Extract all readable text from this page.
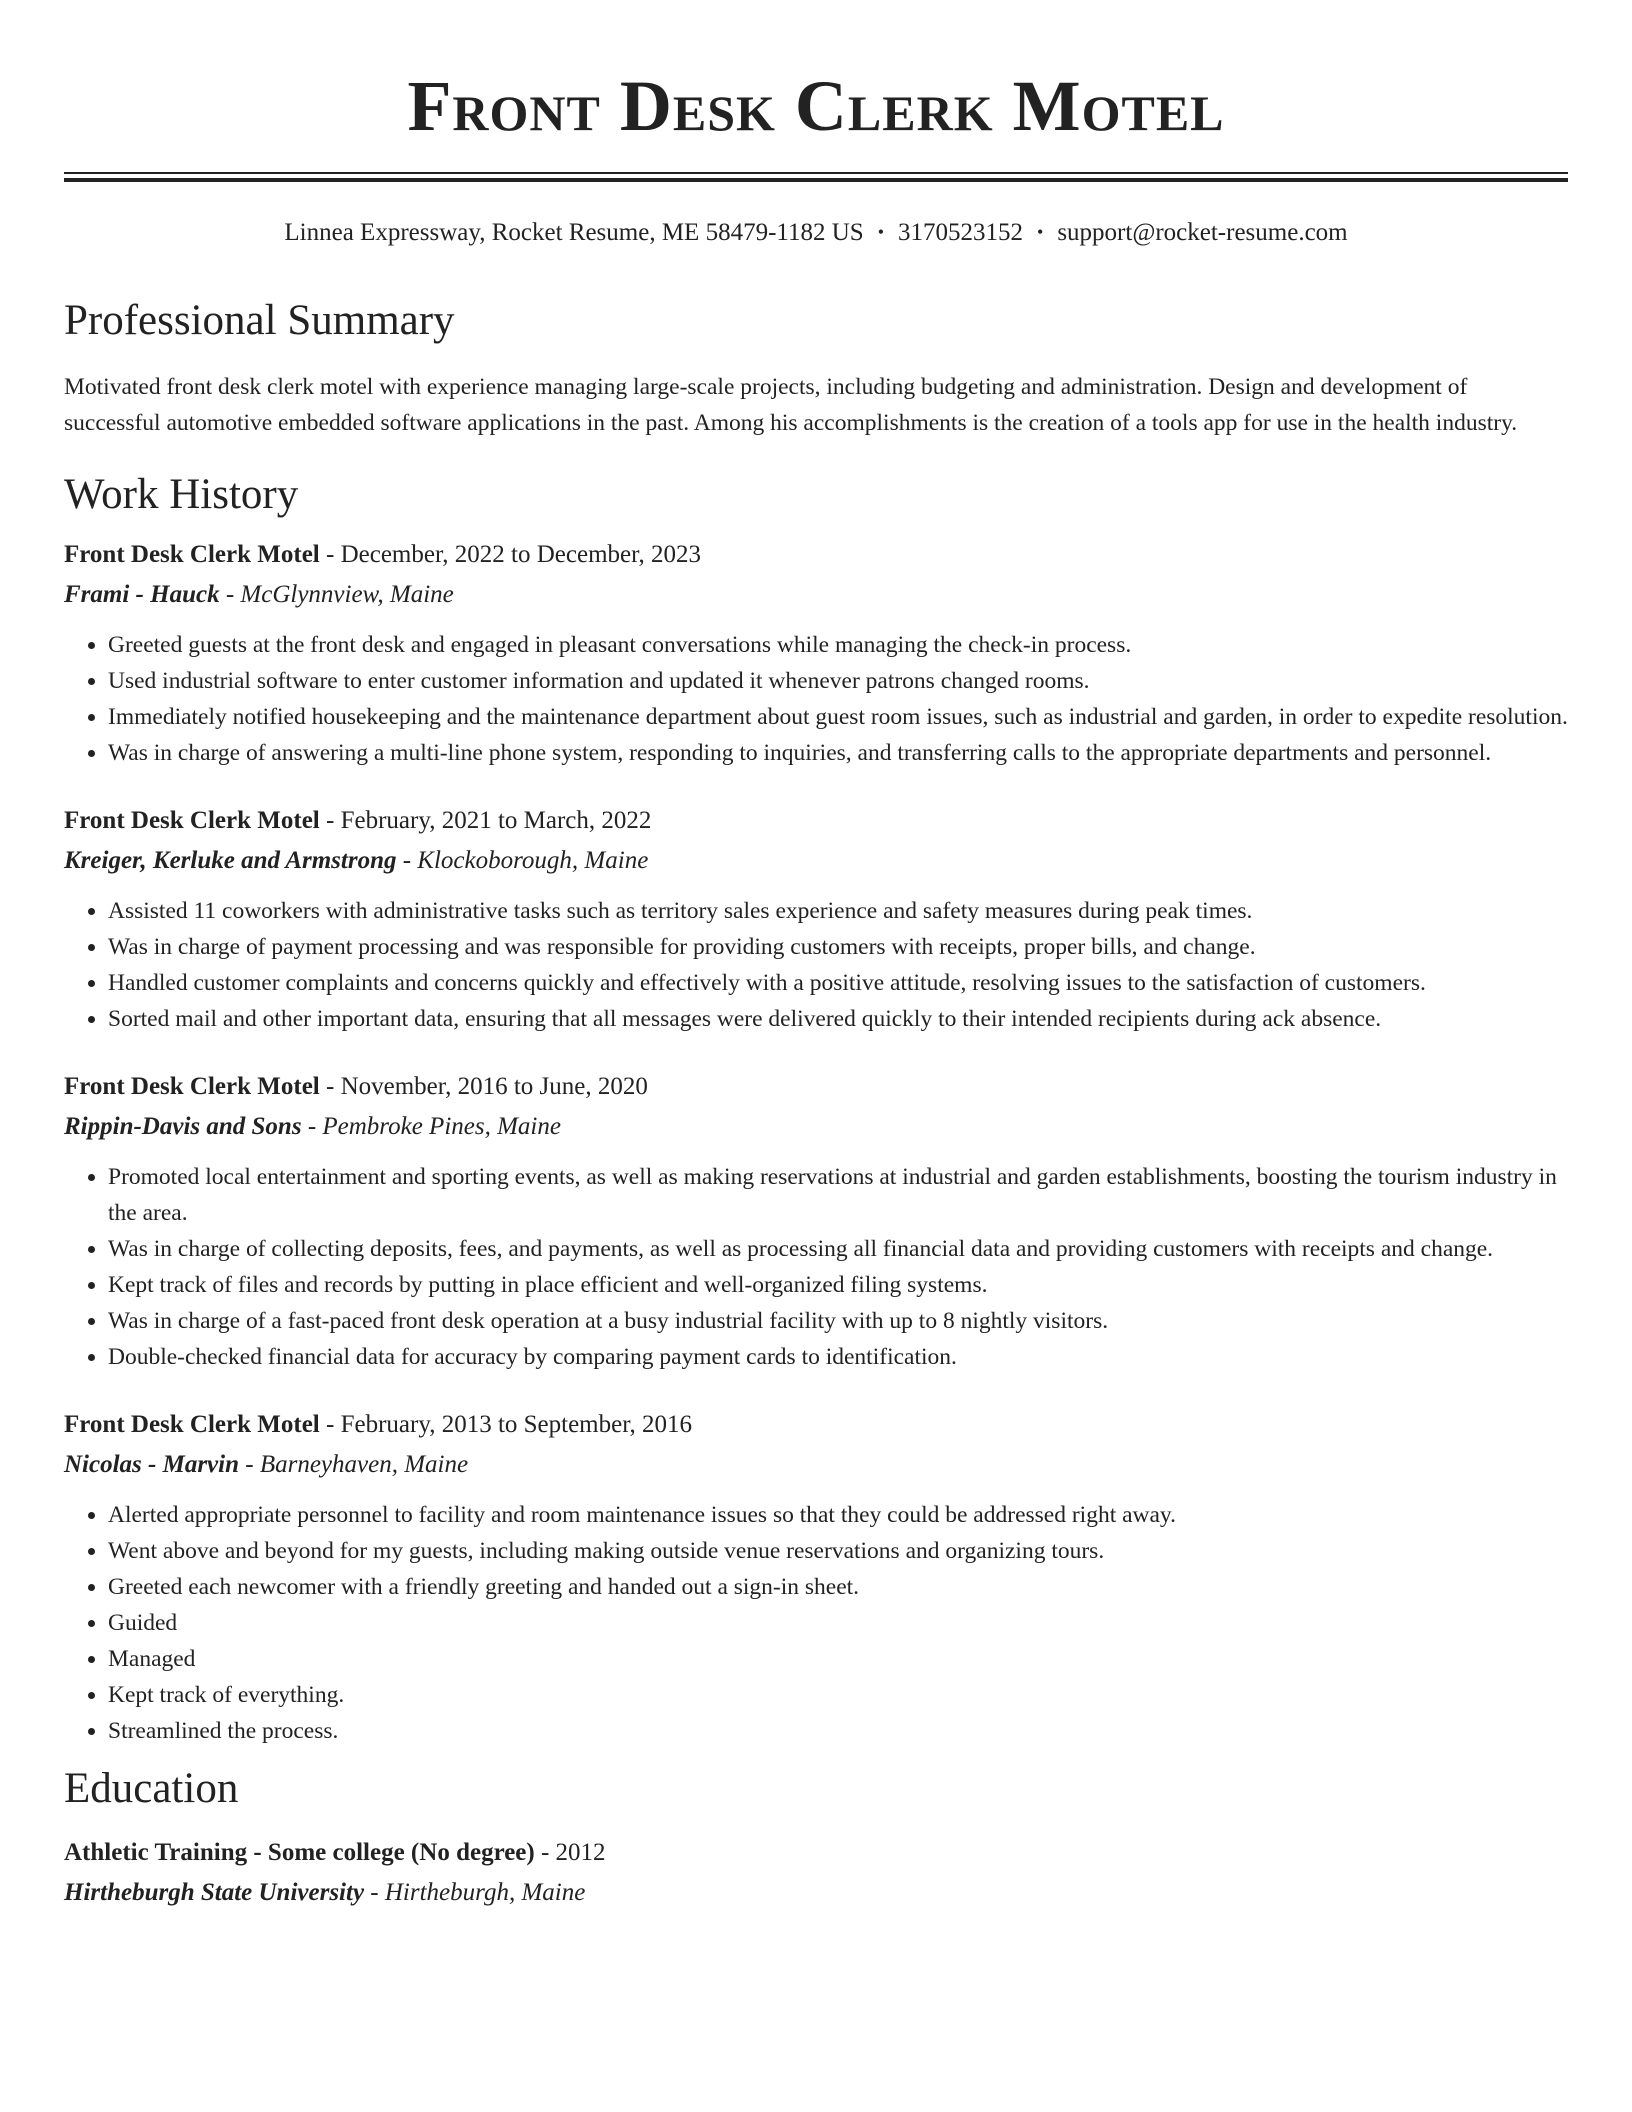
Front Desk Clerk Motel
Linnea Expressway, Rocket Resume, ME 58479-1182 US • 3170523152 • support@rocket-resume.com
Professional Summary

Motivated front desk clerk motel with experience managing large-scale projects, including budgeting and administration. Design and development of successful automotive embedded software applications in the past. Among his accomplishments is the creation of a tools app for use in the health industry.

Work History
Front Desk Clerk Motel - December, 2022 to December, 2023
Frami - Hauck - McGlynnview, Maine
• Greeted guests at the front desk and engaged in pleasant conversations while managing the check-in process.
• Used industrial software to enter customer information and updated it whenever patrons changed rooms.
• Immediately notified housekeeping and the maintenance department about guest room issues, such as industrial and garden, in order to expedite resolution.
• Was in charge of answering a multi-line phone system, responding to inquiries, and transferring calls to the appropriate departments and personnel.
Front Desk Clerk Motel - February, 2021 to March, 2022
Kreiger, Kerluke and Armstrong - Klockoborough, Maine
• Assisted 11 coworkers with administrative tasks such as territory sales experience and safety measures during peak times.
• Was in charge of payment processing and was responsible for providing customers with receipts, proper bills, and change.
• Handled customer complaints and concerns quickly and effectively with a positive attitude, resolving issues to the satisfaction of customers.
• Sorted mail and other important data, ensuring that all messages were delivered quickly to their intended recipients during ack absence.
Front Desk Clerk Motel - November, 2016 to June, 2020
Rippin-Davis and Sons - Pembroke Pines, Maine
• Promoted local entertainment and sporting events, as well as making reservations at industrial and garden establishments, boosting the tourism industry in the area.
• Was in charge of collecting deposits, fees, and payments, as well as processing all financial data and providing customers with receipts and change.
• Kept track of files and records by putting in place efficient and well-organized filing systems.
• Was in charge of a fast-paced front desk operation at a busy industrial facility with up to 8 nightly visitors.
• Double-checked financial data for accuracy by comparing payment cards to identification.
Front Desk Clerk Motel - February, 2013 to September, 2016
Nicolas - Marvin - Barneyhaven, Maine
• Alerted appropriate personnel to facility and room maintenance issues so that they could be addressed right away.
• Went above and beyond for my guests, including making outside venue reservations and organizing tours.
• Greeted each newcomer with a friendly greeting and handed out a sign-in sheet.
• Guided
• Managed
• Kept track of everything.
• Streamlined the process.
Education
Athletic Training - Some college (No degree) - 2012
Hirtheburgh State University - Hirtheburgh, Maine
